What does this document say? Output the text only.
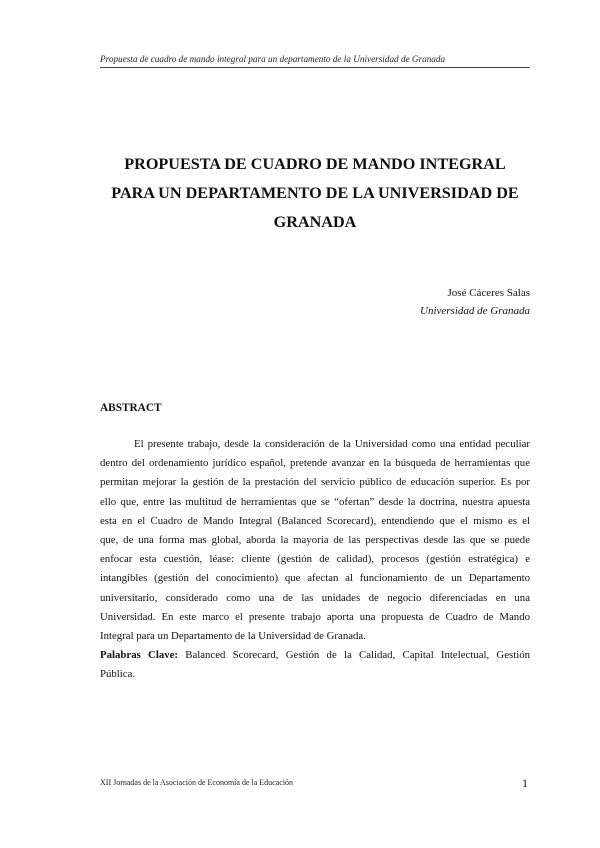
Propuesta de cuadro de mando integral para un departamento de la Universidad de Granada
PROPUESTA DE CUADRO DE MANDO INTEGRAL
PARA UN DEPARTAMENTO DE LA UNIVERSIDAD DE
GRANADA
José Cáceres Salas
Universidad de Granada
ABSTRACT

El presente trabajo, desde la consideración de la Universidad como una entidad peculiar

dentro del ordenamiento jurídico español, pretende avanzar en la búsqueda de herramientas que

permitan mejorar la gestión de la prestación del servicio público de educación superior. Es por

ello que, entre las multitud de herramientas que se “ofertan” desde la doctrina, nuestra apuesta

esta en el Cuadro de Mando Integral (Balanced Scorecard), entendiendo que el mismo es el

que, de una forma mas global, aborda la mayoría de las perspectivas desde las que se puede

enfocar esta cuestión, léase: cliente (gestión de calidad), procesos (gestión estratégica) e

intangibles (gestión del conocimiento) que afectan al funcionamiento de un Departamento

universitario, considerado como una de las unidades de negocio diferenciadas en una

Universidad. En este marco el presente trabajo aporta una propuesta de Cuadro de Mando

Integral para un Departamento de la Universidad de Granada.

Palabras Clave: Balanced Scorecard, Gestión de la Calidad, Capital Intelectual, Gestión

Pública.

XII Jornadas de la Asociación de Economía de la Educación	1
